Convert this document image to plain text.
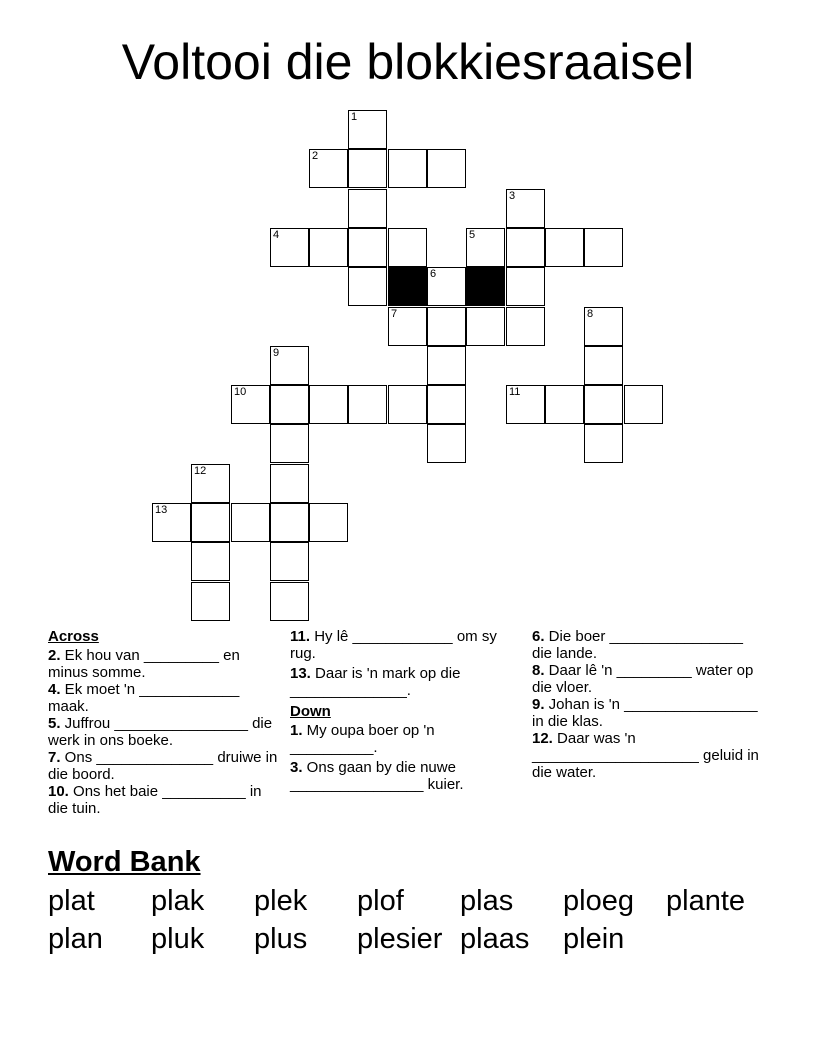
Voltooi die blokkiesraaisel
1
2
3
4	5
6
7	8
9
10	11
12
13
Across
2. Ek hou van _________ en minus somme.
4. Ek moet 'n ____________ maak.
5. Juffrou ________________ die werk in ons boeke.
7. Ons ______________ druiwe in die boord.
10. Ons het baie __________ in die tuin.
11. Hy lê ____________ om sy rug.
13. Daar is 'n mark op die ______________.
Down
1. My oupa boer op 'n __________.
3. Ons gaan by die nuwe ________________ kuier.
6. Die boer ________________ die lande.
8. Daar lê 'n _________ water op die vloer.
9. Johan is 'n ________________ in die klas.
12. Daar was 'n ____________________ geluid in die water.
Word Bank
plat plak plek plof plas ploeg plante
plan pluk plus plesier plaas plein
